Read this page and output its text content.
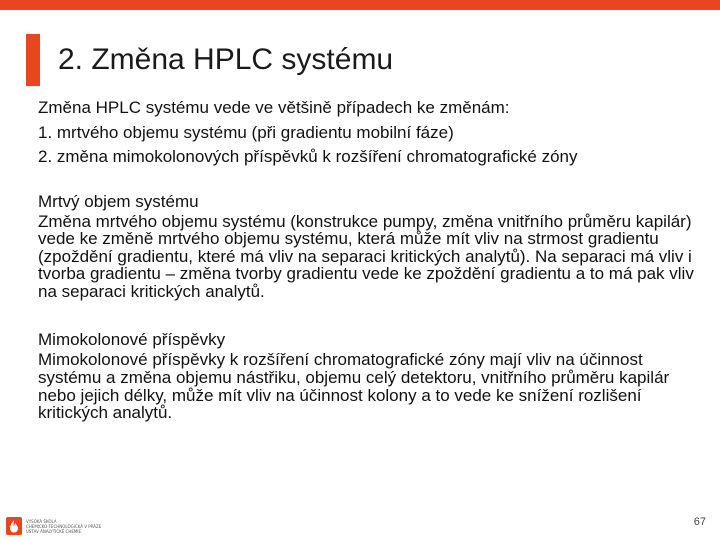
2. Změna HPLC systému
Změna HPLC systému vede ve většině případech ke změnám:
1. mrtvého objemu systému (při gradientu mobilní fáze)
2. změna mimokolonových příspěvků k rozšíření chromatografické zóny
Mrtvý objem systému

Změna mrtvého objemu systému (konstrukce pumpy, změna vnitřního průměru kapilár) vede ke změně mrtvého objemu systému, která může mít vliv na strmost gradientu (zpoždění gradientu, které má vliv na separaci kritických analytů). Na separaci má vliv i tvorba gradientu – změna tvorby gradientu vede ke zpoždění gradientu a to má pak vliv na separaci kritických analytů.

Mimokolonové příspěvky

Mimokolonové příspěvky k rozšíření chromatografické zóny mají vliv na účinnost systému a změna objemu nástřiku, objemu celý detektoru, vnitřního průměru kapilár nebo jejich délky, může mít vliv na účinnost kolony a to vede ke snížení rozlišení kritických analytů.

VYSOKÁ ŠKOLA
CHEMICKO-TECHNOLOGICKÁ V PRAZE
ÚSTAV ANALYTICKÉ CHEMIE
67
